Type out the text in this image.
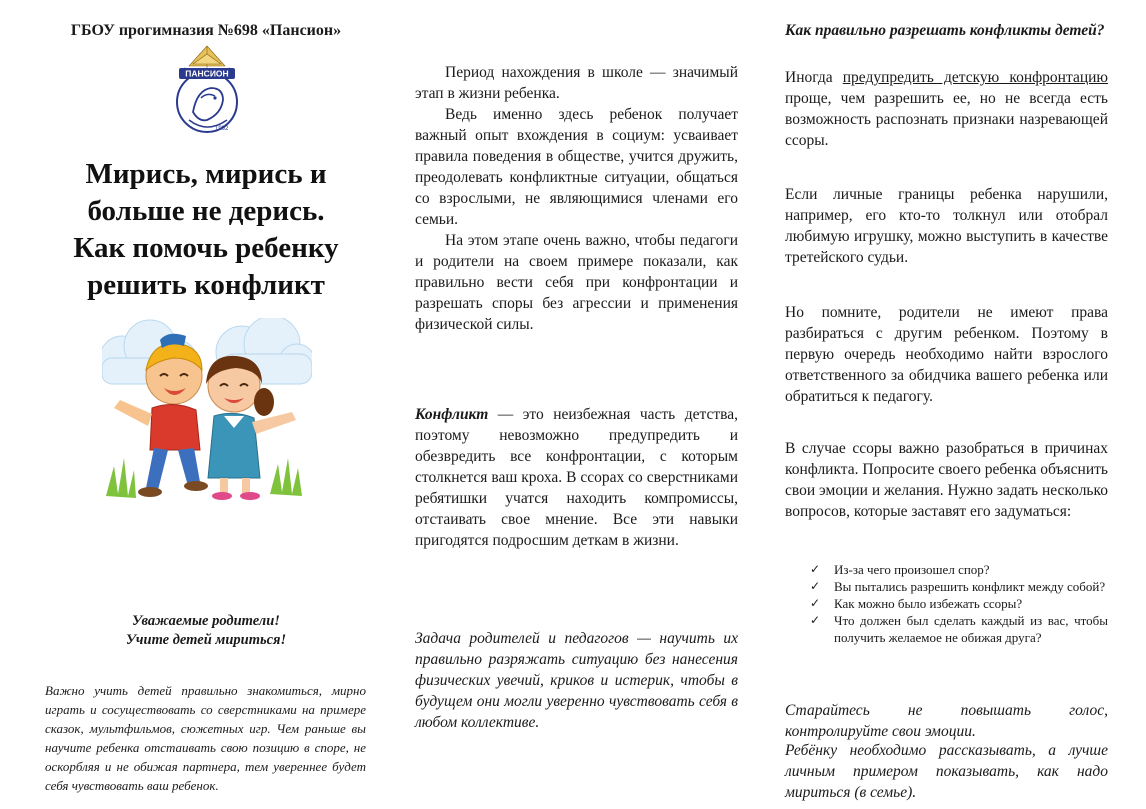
ГБОУ прогимназия №698 «Пансион»
ПАНСИОН
1992
Мирись, мирись и
больше не дерись.
Как помочь ребенку
решить конфликт
Уважаемые родители!
Учите детей мириться!

Важно учить детей правильно знакомиться, мирно играть и сосуществовать со сверстниками на примере сказок, мультфильмов, сюжетных игр. Чем раньше вы научите ребенка отстаивать свою позицию в споре, не оскорбляя и не обижая партнера, тем увереннее будет себя чувствовать ваш ребенок.

Период нахождения в школе — значимый этап в жизни ребенка.

Ведь именно здесь ребенок получает важный опыт вхождения в социум: усваивает правила поведения в обществе, учится дружить, преодолевать конфликтные ситуации, общаться со взрослыми, не являющимися членами его семьи.

На этом этапе очень важно, чтобы педагоги и родители на своем примере показали, как правильно вести себя при конфронтации и разрешать споры без агрессии и применения физической силы.

Конфликт — это неизбежная часть детства, поэтому невозможно предупредить и обезвредить все конфронтации, с которым столкнется ваш кроха. В ссорах со сверстниками ребятишки учатся находить компромиссы, отстаивать свое мнение. Все эти навыки пригодятся подросшим деткам в жизни.

Задача родителей и педагогов — научить их правильно разряжать ситуацию без нанесения физических увечий, криков и истерик, чтобы в будущем они могли уверенно чувствовать себя в любом коллективе.

Как правильно разрешать конфликты детей?

Иногда предупредить детскую конфронтацию проще, чем разрешить ее, но не всегда есть возможность распознать признаки назревающей ссоры.

Если личные границы ребенка нарушили, например, его кто-то толкнул или отобрал любимую игрушку, можно выступить в качестве третейского судьи.

Но помните, родители не имеют права разбираться с другим ребенком. Поэтому в первую очередь необходимо найти взрослого ответственного за обидчика вашего ребенка или обратиться к педагогу.

В случае ссоры важно разобраться в причинах конфликта. Попросите своего ребенка объяснить свои эмоции и желания. Нужно задать несколько вопросов, которые заставят его задуматься:

✓ Из-за чего произошел спор?
✓ Вы пытались разрешить конфликт между собой?
✓ Как можно было избежать ссоры?
✓ Что должен был сделать каждый из вас, чтобы получить желаемое не обижая друга?

Старайтесь не повышать голос, контролируйте свои эмоции.

Ребёнку необходимо рассказывать, а лучше личным примером показывать, как надо мириться (в семье).
